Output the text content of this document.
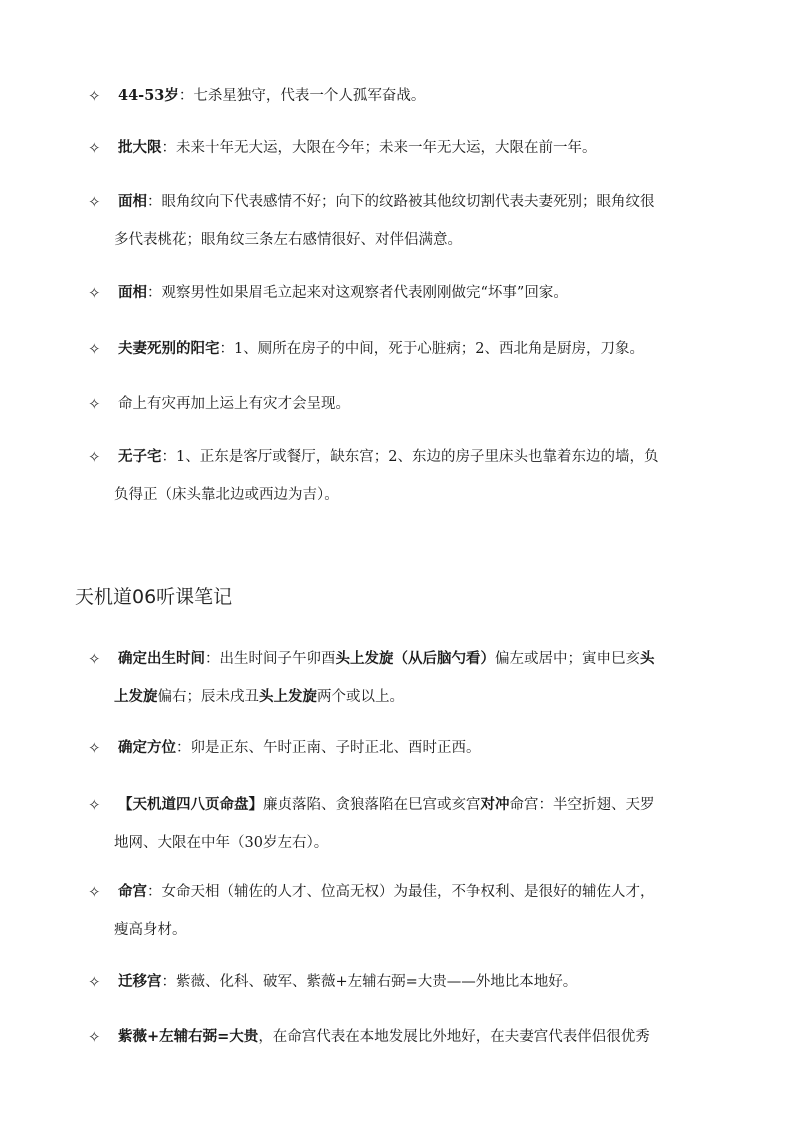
✧	44-53岁：七杀星独守，代表一个人孤军奋战。
✧	批大限：未来十年无大运，大限在今年；未来一年无大运，大限在前一年。
✧	面相：眼角纹向下代表感情不好；向下的纹路被其他纹切割代表夫妻死别；眼角纹很
多代表桃花；眼角纹三条左右感情很好、对伴侣满意。
✧	面相：观察男性如果眉毛立起来对这观察者代表刚刚做完“坏事”回家。
✧	夫妻死别的阳宅：1、厕所在房子的中间，死于心脏病；2、西北角是厨房，刀象。
✧	命上有灾再加上运上有灾才会呈现。
✧	无子宅：1、正东是客厅或餐厅，缺东宫；2、东边的房子里床头也靠着东边的墙，负
负得正（床头靠北边或西边为吉）。
天机道06听课笔记
✧	确定出生时间：出生时间子午卯酉头上发旋（从后脑勺看）偏左或居中；寅申巳亥头
上发旋偏右；辰未戌丑头上发旋两个或以上。
✧	确定方位：卯是正东、午时正南、子时正北、酉时正西。
✧	【天机道四八页命盘】廉贞落陷、贪狼落陷在巳宫或亥宫对冲命宫：半空折翅、天罗
地网、大限在中年（30岁左右）。
✧	命宫：女命天相（辅佐的人才、位高无权）为最佳，不争权利、是很好的辅佐人才，
瘦高身材。
✧	迁移宫：紫薇、化科、破军、紫薇+左辅右弼=大贵——外地比本地好。
✧	紫薇+左辅右弼=大贵，在命宫代表在本地发展比外地好，在夫妻宫代表伴侣很优秀
